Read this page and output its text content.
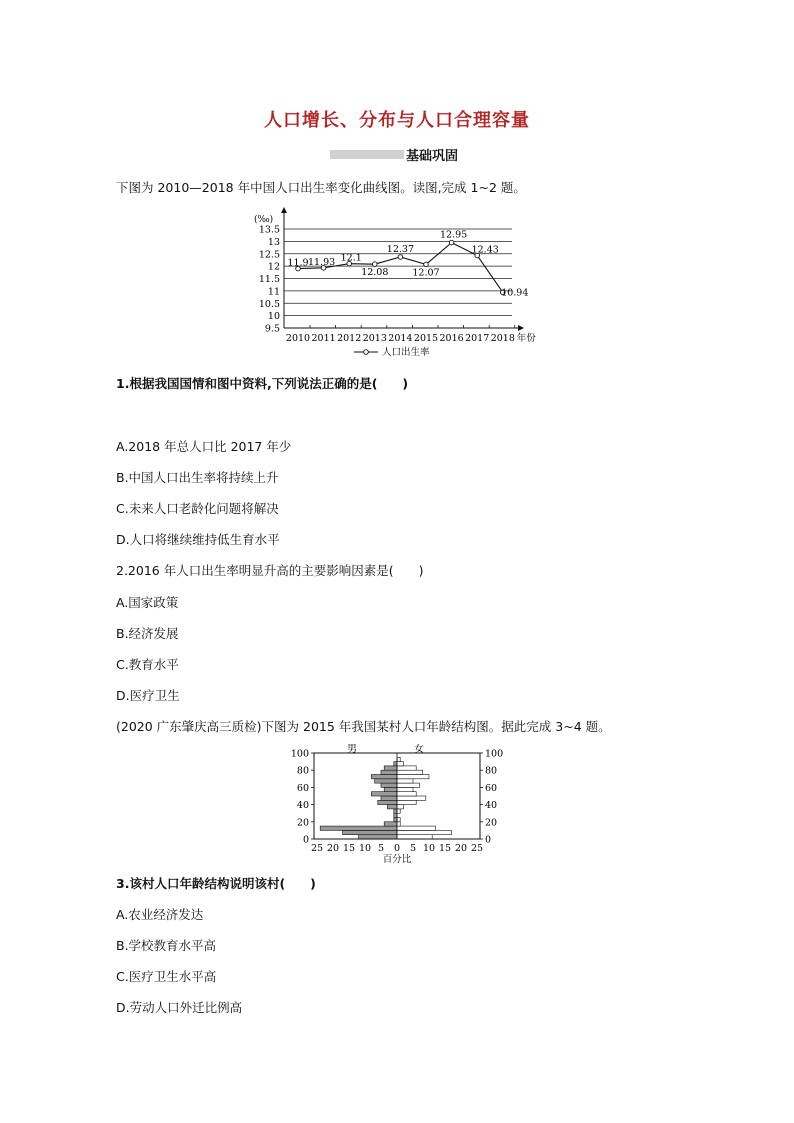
人口增长、分布与人口合理容量
基础巩固
下图为 2010—2018 年中国人口出生率变化曲线图。读图,完成 1~2 题。
9.5
10
10.5
11
11.5
12
12.5
13
13.5
(‰)
2010 2011 2012 2013 2014 2015 2016 2017 2018 年份
11.9 11.93 12.1
12.08
12.37
12.07
12.95
12.43
10.94
人口出生率
1.根据我国国情和图中资料,下列说法正确的是(　　)
A.2018 年总人口比 2017 年少
B.中国人口出生率将持续上升
C.未来人口老龄化问题将解决
D.人口将继续维持低生育水平
2.2016 年人口出生率明显升高的主要影响因素是(　　)
A.国家政策
B.经济发展
C.教育水平
D.医疗卫生
(2020 广东肇庆高三质检)下图为 2015 年我国某村人口年龄结构图。据此完成 3~4 题。
0	0
20	20
40	40
60	60
80	80
100	100
25 20 15 10 5 0 5 10 15 20 25
百分比
男	女
3.该村人口年龄结构说明该村(　　)
A.农业经济发达
B.学校教育水平高
C.医疗卫生水平高
D.劳动人口外迁比例高
